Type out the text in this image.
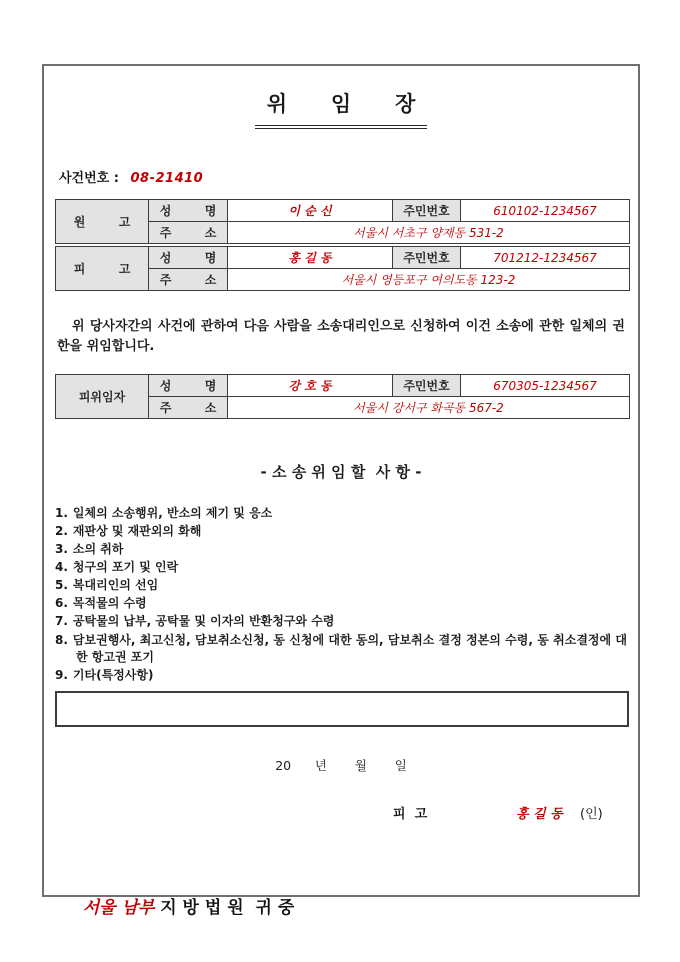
위      임      장
사건번호 : 08-21410
원        고	성        명	이 순 신	주민번호	610102-1234567
	주        소	서울시 서초구 양재동 531-2		
피        고	성        명	홍 길 동	주민번호	701212-1234567
	주        소	서울시 영등포구 여의도동 123-2		
위 당사자간의 사건에 관하여 다음 사람을 소송대리인으로 신청하여 이건 소송에 관한 일체의 권한을 위임합니다.
피위임자	성        명	강 호 동	주민번호	670305-1234567
	주        소	서울시 강서구 화곡동 567-2		
- 소 송 위 임 할  사 항 -
1. 일체의 소송행위, 반소의 제기 및 응소
2. 재판상 및 재판외의 화해
3. 소의 취하
4. 청구의 포기 및 인락
5. 복대리인의 선임
6. 목적물의 수령
7. 공탁물의 납부, 공탁물 및 이자의 반환청구와 수령
8. 담보권행사, 최고신청, 담보취소신청, 동 신청에 대한 동의, 담보취소 결정 정본의 수령, 동 취소결정에 대한 항고권 포기
9. 기타(특정사항)
20      년       월       일
피  고	홍 길 동 (인)

서울 남부 지 방 법 원  귀 중
